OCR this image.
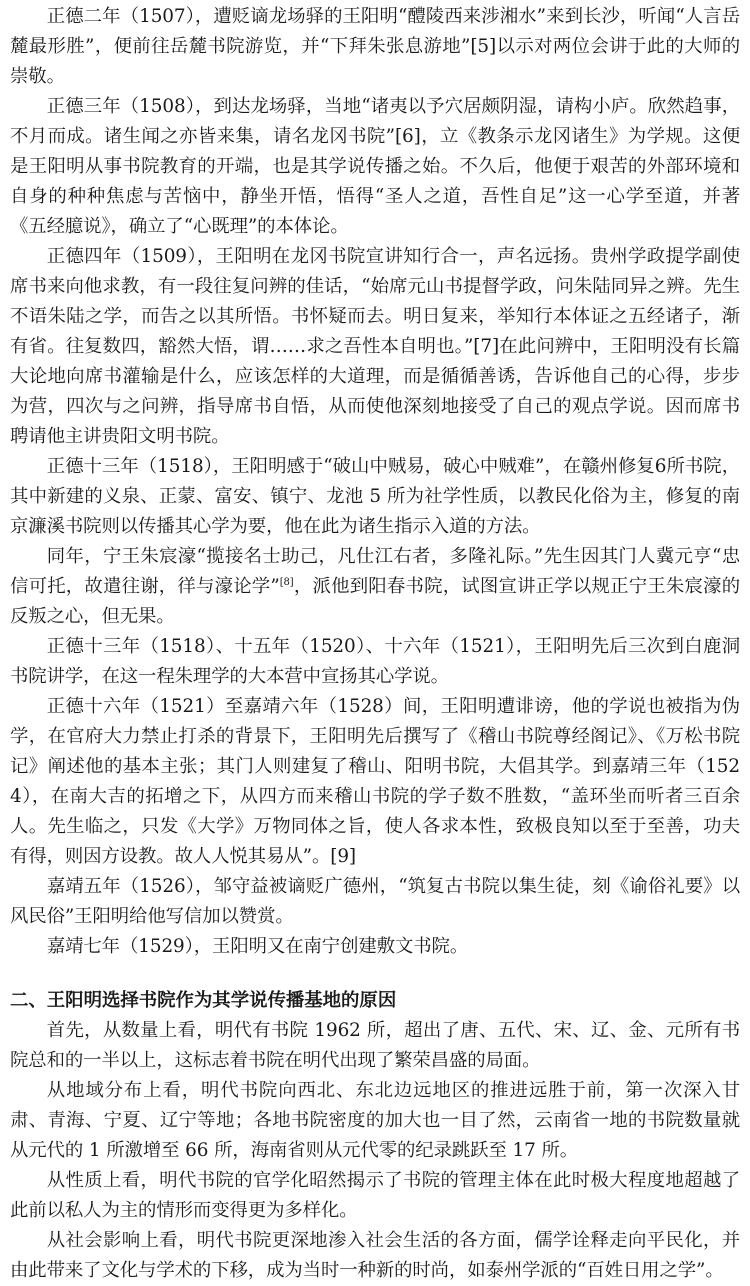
正德二年（1507），遭贬谪龙场驿的王阳明“醴陵西来涉湘水”来到长沙，听闻“人言岳麓最形胜”，便前往岳麓书院游览，并“下拜朱张息游地”[5]以示对两位会讲于此的大师的崇敬。

正德三年（1508），到达龙场驿，当地“诸夷以予穴居颇阴湿，请构小庐。欣然趋事，不月而成。诸生闻之亦皆来集，请名龙冈书院”[6]，立《教条示龙冈诸生》为学规。这便是王阳明从事书院教育的开端，也是其学说传播之始。不久后，他便于艰苦的外部环境和自身的种种焦虑与苦恼中，静坐开悟，悟得“圣人之道，吾性自足”这一心学至道，并著《五经臆说》，确立了“心既理”的本体论。

正德四年（1509），王阳明在龙冈书院宣讲知行合一，声名远扬。贵州学政提学副使席书来向他求教，有一段往复问辨的佳话，“始席元山书提督学政，问朱陆同异之辨。先生不语朱陆之学，而告之以其所悟。书怀疑而去。明日复来，举知行本体证之五经诸子，渐有省。往复数四，豁然大悟，谓……求之吾性本自明也。”[7]在此问辨中，王阳明没有长篇大论地向席书灌输是什么，应该怎样的大道理，而是循循善诱，告诉他自己的心得，步步为营，四次与之问辨，指导席书自悟，从而使他深刻地接受了自己的观点学说。因而席书聘请他主讲贵阳文明书院。

正德十三年（1518），王阳明感于“破山中贼易，破心中贼难”，在赣州修复6所书院，其中新建的义泉、正蒙、富安、镇宁、龙池 5 所为社学性质，以教民化俗为主，修复的南京濂溪书院则以传播其心学为要，他在此为诸生指示入道的方法。

同年，宁王朱宸濠“揽接名士助己，凡仕江右者，多隆礼际。”先生因其门人冀元亨“忠信可托，故遣往谢，徉与濠论学”[8]，派他到阳春书院，试图宣讲正学以规正宁王朱宸濠的反叛之心，但无果。

正德十三年（1518）、十五年（1520）、十六年（1521），王阳明先后三次到白鹿洞书院讲学，在这一程朱理学的大本营中宣扬其心学说。

正德十六年（1521）至嘉靖六年（1528）间，王阳明遭诽谤，他的学说也被指为伪学，在官府大力禁止打杀的背景下，王阳明先后撰写了《稽山书院尊经阁记》、《万松书院记》阐述他的基本主张；其门人则建复了稽山、阳明书院，大倡其学。到嘉靖三年（1524），在南大吉的拓增之下，从四方而来稽山书院的学子数不胜数，“盖环坐而听者三百余人。先生临之，只发《大学》万物同体之旨，使人各求本性，致极良知以至于至善，功夫有得，则因方设教。故人人悦其易从”。[9]

嘉靖五年（1526），邹守益被谪贬广德州，“筑复古书院以集生徒，刻《谕俗礼要》以风民俗”王阳明给他写信加以赞赏。

嘉靖七年（1529），王阳明又在南宁创建敷文书院。

二、王阳明选择书院作为其学说传播基地的原因

首先，从数量上看，明代有书院 1962 所，超出了唐、五代、宋、辽、金、元所有书院总和的一半以上，这标志着书院在明代出现了繁荣昌盛的局面。

从地域分布上看，明代书院向西北、东北边远地区的推进远胜于前，第一次深入甘肃、青海、宁夏、辽宁等地；各地书院密度的加大也一目了然，云南省一地的书院数量就从元代的 1 所激增至 66 所，海南省则从元代零的纪录跳跃至 17 所。

从性质上看，明代书院的官学化昭然揭示了书院的管理主体在此时极大程度地超越了此前以私人为主的情形而变得更为多样化。

从社会影响上看，明代书院更深地渗入社会生活的各方面，儒学诠释走向平民化，并由此带来了文化与学术的下移，成为当时一种新的时尚，如泰州学派的“百姓日用之学”。
